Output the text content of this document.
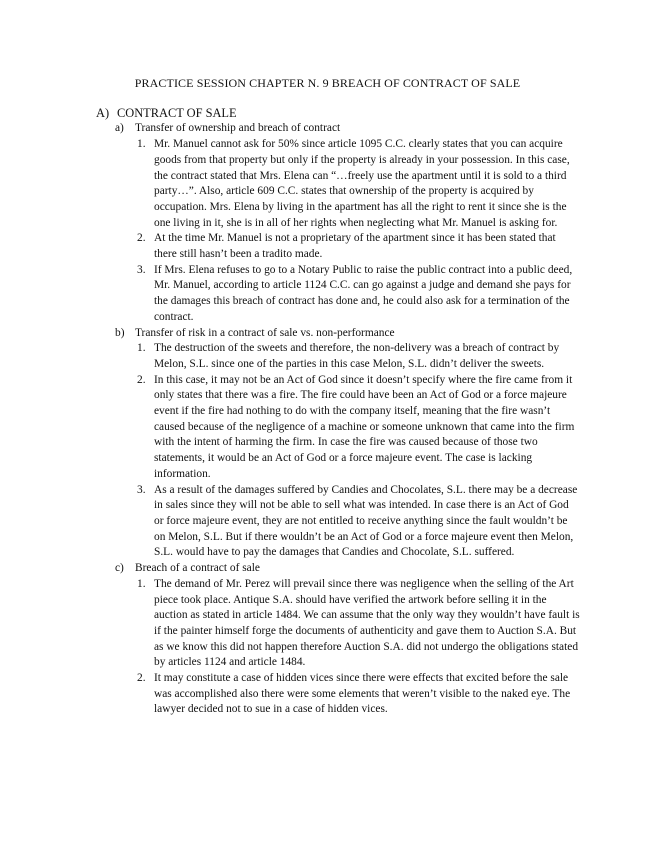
PRACTICE SESSION CHAPTER N. 9 BREACH OF CONTRACT OF SALE
A) CONTRACT OF SALE
a) Transfer of ownership and breach of contract
1. Mr. Manuel cannot ask for 50% since article 1095 C.C. clearly states that you can acquire goods from that property but only if the property is already in your possession. In this case, the contract stated that Mrs. Elena can “…freely use the apartment until it is sold to a third party…”. Also, article 609 C.C. states that ownership of the property is acquired by occupation. Mrs. Elena by living in the apartment has all the right to rent it since she is the one living in it, she is in all of her rights when neglecting what Mr. Manuel is asking for.

2. At the time Mr. Manuel is not a proprietary of the apartment since it has been stated that there still hasn’t been a tradito made.

3. If Mrs. Elena refuses to go to a Notary Public to raise the public contract into a public deed, Mr. Manuel, according to article 1124 C.C. can go against a judge and demand she pays for the damages this breach of contract has done and, he could also ask for a termination of the contract.

b) Transfer of risk in a contract of sale vs. non-performance
1. The destruction of the sweets and therefore, the non-delivery was a breach of contract by Melon, S.L. since one of the parties in this case Melon, S.L. didn’t deliver the sweets.

2. In this case, it may not be an Act of God since it doesn’t specify where the fire came from it only states that there was a fire. The fire could have been an Act of God or a force majeure event if the fire had nothing to do with the company itself, meaning that the fire wasn’t caused because of the negligence of a machine or someone unknown that came into the firm with the intent of harming the firm. In case the fire was caused because of those two statements, it would be an Act of God or a force majeure event. The case is lacking information.

3. As a result of the damages suffered by Candies and Chocolates, S.L. there may be a decrease in sales since they will not be able to sell what was intended. In case there is an Act of God or force majeure event, they are not entitled to receive anything since the fault wouldn’t be on Melon, S.L. But if there wouldn’t be an Act of God or a force majeure event then Melon, S.L. would have to pay the damages that Candies and Chocolate, S.L. suffered.

c) Breach of a contract of sale
1. The demand of Mr. Perez will prevail since there was negligence when the selling of the Art piece took place. Antique S.A. should have verified the artwork before selling it in the auction as stated in article 1484. We can assume that the only way they wouldn’t have fault is if the painter himself forge the documents of authenticity and gave them to Auction S.A. But as we know this did not happen therefore Auction S.A. did not undergo the obligations stated by articles 1124 and article 1484.

2. It may constitute a case of hidden vices since there were effects that excited before the sale was accomplished also there were some elements that weren’t visible to the naked eye. The lawyer decided not to sue in a case of hidden vices.
